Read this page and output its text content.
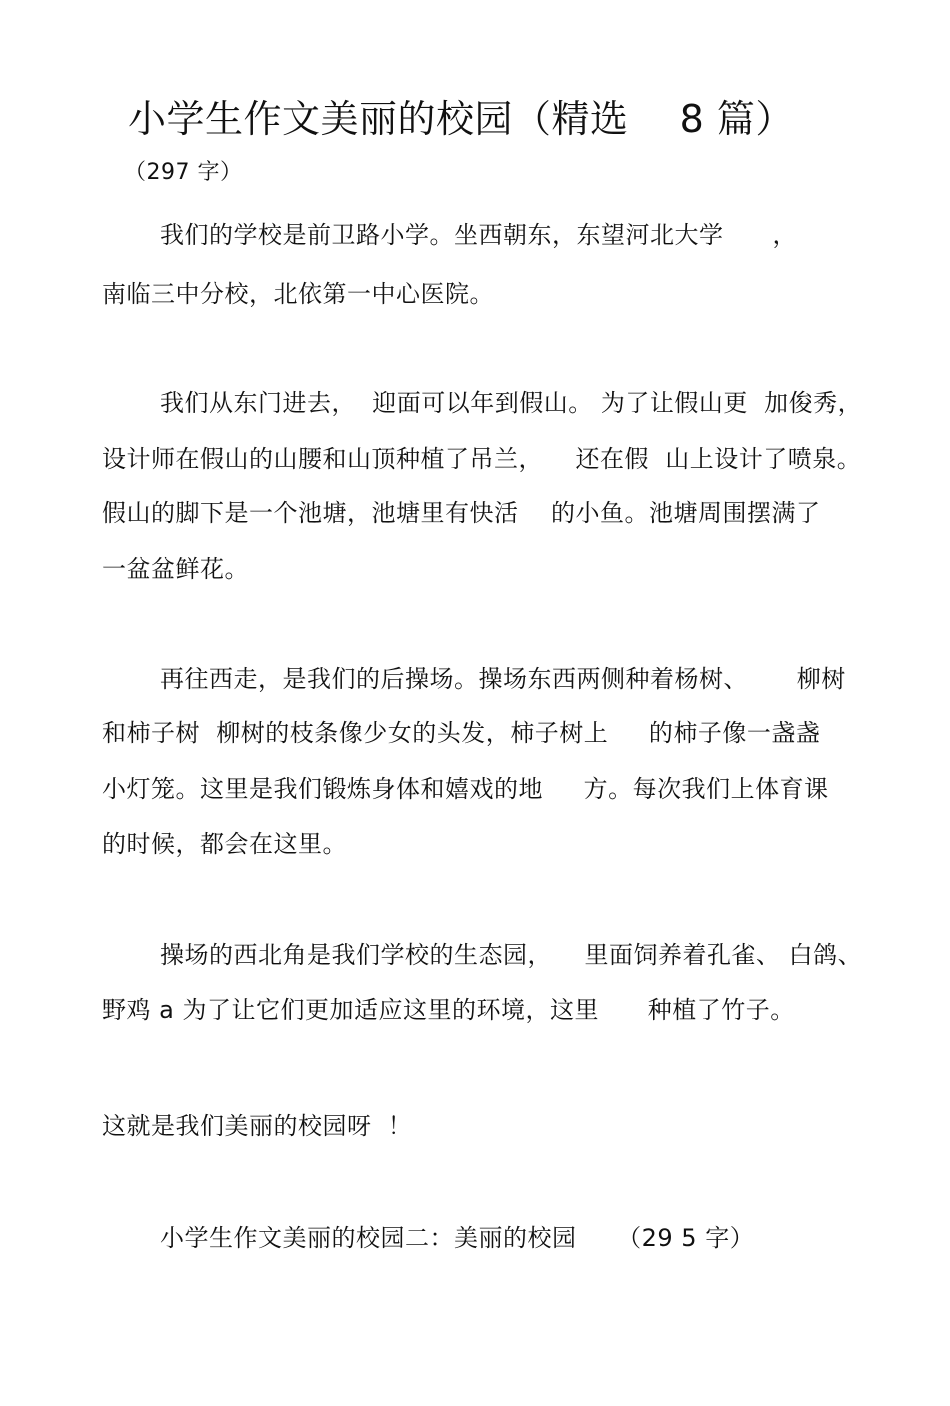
小学生作文美丽的校园（精选　 8 篇）
（297 字）
我们的学校是前卫路小学。坐西朝东，东望河北大学　　，
南临三中分校，北依第一中心医院。
我们从东门进去，  迎面可以年到假山。 为了让假山更  加俊秀，
设计师在假山的山腰和山顶种植了吊兰，    还在假  山上设计了喷泉。
假山的脚下是一个池塘，池塘里有快活    的小鱼。池塘周围摆满了
一盆盆鲜花。
再往西走，是我们的后操场。操场东西两侧种着杨树、      柳树
和柿子树  柳树的枝条像少女的头发，柿子树上     的柿子像一盏盏
小灯笼。这里是我们锻炼身体和嬉戏的地     方。每次我们上体育课
的时候，都会在这里。
操场的西北角是我们学校的生态园，    里面饲养着孔雀、 白鸽、
野鸡 a 为了让它们更加适应这里的环境，这里      种植了竹子。
这就是我们美丽的校园呀  ！
小学生作文美丽的校园二：美丽的校园     （29 5 字）
